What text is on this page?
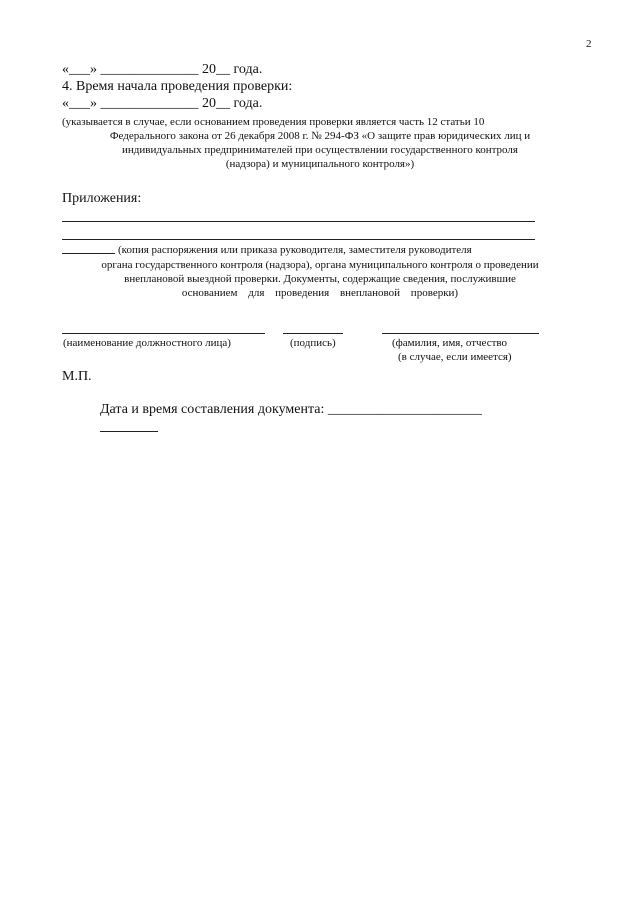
2
«___» ______________ 20__ года.
4. Время начала проведения проверки:
«___» ______________ 20__ года.
(указывается в случае, если основанием проведения проверки является часть 12 статьи 10
Федерального закона от 26 декабря 2008 г. № 294-ФЗ «О защите прав юридических лиц и
индивидуальных предпринимателей при осуществлении государственного контроля
(надзора) и муниципального контроля»)
Приложения:
(копия распоряжения или приказа руководителя, заместителя руководителя
органа государственного контроля (надзора), органа муниципального контроля о проведении
внеплановой выездной проверки. Документы, содержащие сведения, послужившие
основанием для проведения внеплановой проверки)
(наименование должностного лица)	(подпись)	(фамилия, имя, отчество
(в случае, если имеется)
М.П.
Дата и время составления документа: ______________________
